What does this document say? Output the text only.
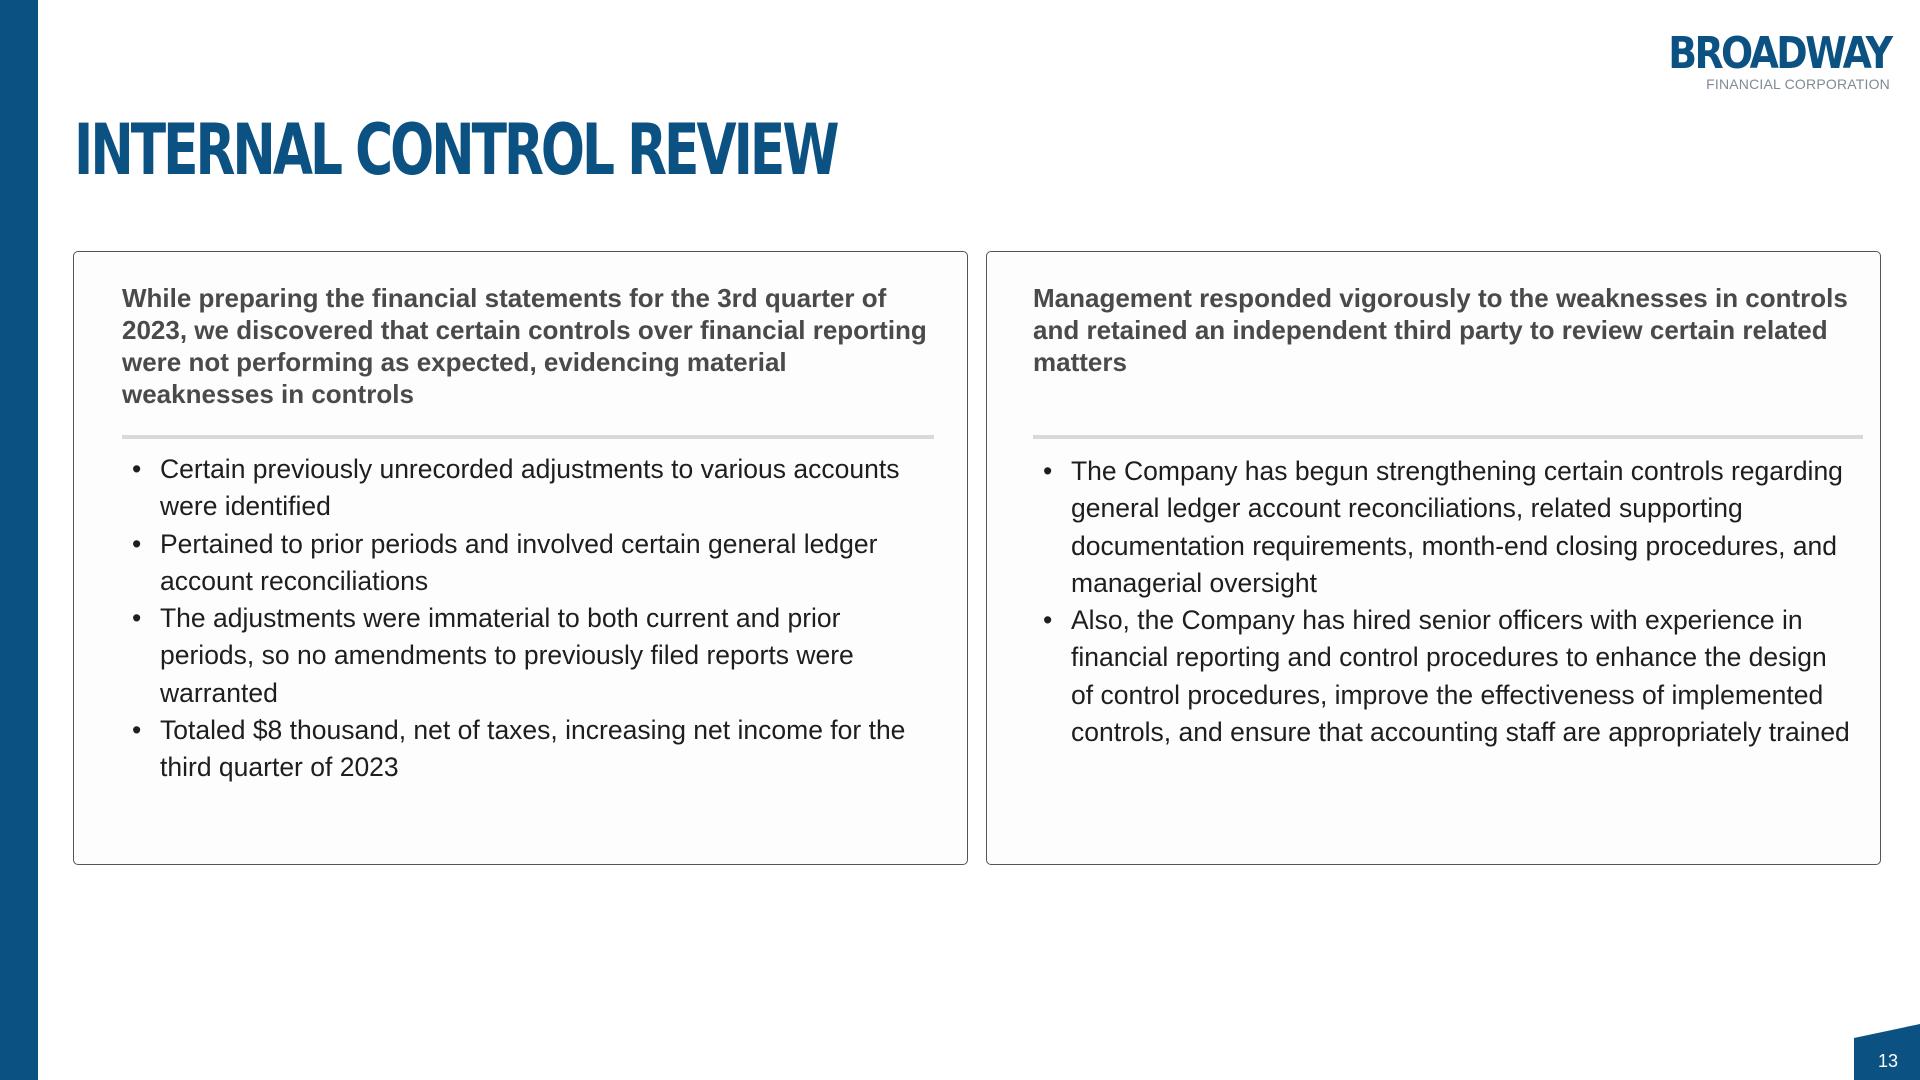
BROADWAY
FINANCIAL CORPORATION
INTERNAL CONTROL REVIEW

While preparing the financial statements for the 3rd quarter of 2023, we discovered that certain controls over financial reporting were not performing as expected, evidencing material weaknesses in controls

• Certain previously unrecorded adjustments to various accounts were identified
• Pertained to prior periods and involved certain general ledger account reconciliations
• The adjustments were immaterial to both current and prior periods, so no amendments to previously filed reports were warranted
• Totaled $8 thousand, net of taxes, increasing net income for the third quarter of 2023

Management responded vigorously to the weaknesses in controls and retained an independent third party to review certain related matters

• The Company has begun strengthening certain controls regarding general ledger account reconciliations, related supporting documentation requirements, month-end closing procedures, and managerial oversight
• Also, the Company has hired senior officers with experience in financial reporting and control procedures to enhance the design of control procedures, improve the effectiveness of implemented controls, and ensure that accounting staff are appropriately trained
13
